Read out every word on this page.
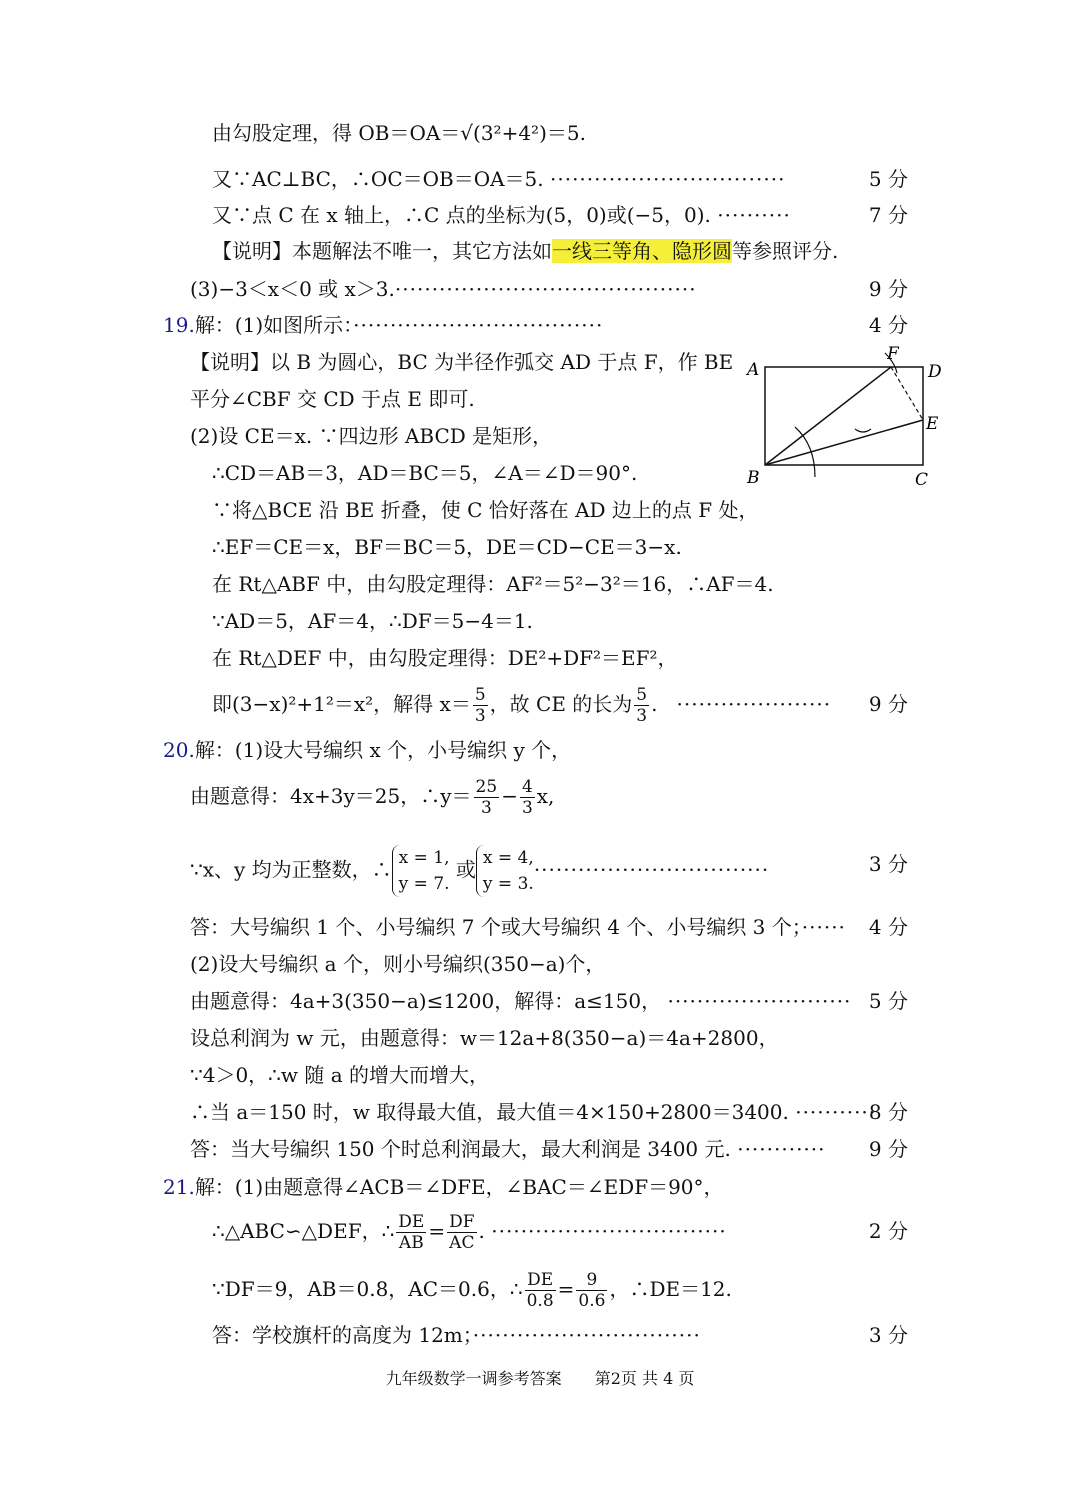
由勾股定理，得 OB＝OA＝√(3²+4²)＝5.
又∵AC⊥BC，∴OC＝OB＝OA＝5. ································	5 分
又∵点 C 在 x 轴上，∴C 点的坐标为(5，0)或(−5，0). ··········	7 分
【说明】本题解法不唯一，其它方法如一线三等角、隐形圆等参照评分.
(3)−3＜x＜0 或 x＞3.·········································	9 分
19.解：(1)如图所示：··································	4 分
【说明】以 B 为圆心，BC 为半径作弧交 AD 于点 F，作 BE
平分∠CBF 交 CD 于点 E 即可.
A
B	C
D
E
F
(2)设 CE＝x. ∵四边形 ABCD 是矩形，
∴CD＝AB＝3，AD＝BC＝5，∠A＝∠D＝90°.
∵将△BCE 沿 BE 折叠，使 C 恰好落在 AD 边上的点 F 处，
∴EF＝CE＝x，BF＝BC＝5，DE＝CD−CE＝3−x.
在 Rt△ABF 中，由勾股定理得：AF²＝5²−3²＝16，∴AF＝4.
∵AD＝5，AF＝4，∴DF＝5−4＝1.
在 Rt△DEF 中，由勾股定理得：DE²+DF²＝EF²，
即(3−x)²+1²＝x²，解得 $x= \frac{5}{3}$ ，故 CE 的长为 $\frac{5}{3}$ .   ····················· 9 分
20.解：(1)设大号编织 x 个，小号编织 y 个，
由题意得：4x+3y＝25，∴y＝ $\frac{25}{3} - \frac{4}{3} x$,
∵x、y 均为正整数，∴ x = 1,
y = 7. 或 x = 4,
y = 3.································	3 分
答：大号编织 1 个、小号编织 7 个或大号编织 4 个、小号编织 3 个；······ 4 分
(2)设大号编织 a 个，则小号编织(350−a)个，
由题意得：4a+3(350−a)≤1200，解得：a≤150， ························· 5 分
设总利润为 w 元，由题意得：w＝12a+8(350−a)＝4a+2800，
∵4＞0，∴w 随 a 的增大而增大，
∴当 a＝150 时，w 取得最大值，最大值＝4×150+2800＝3400. ···········
8 分
答：当大号编织 150 个时总利润最大，最大利润是 3400 元. ············ 9 分
21.解：(1)由题意得∠ACB＝∠DFE，∠BAC＝∠EDF＝90°，
∴△ABC∽△DEF，∴ $\frac{DE}{AB} = \frac{DF}{AC}$ . ································	2 分
∵DF＝9，AB＝0.8，AC＝0.6，∴ $\frac{DE}{0.8} = \frac{9}{0.6}$ ，∴DE＝12.
答：学校旗杆的高度为 12m；·······························	3 分
九年级数学一调参考答案 第2页 共 4 页
